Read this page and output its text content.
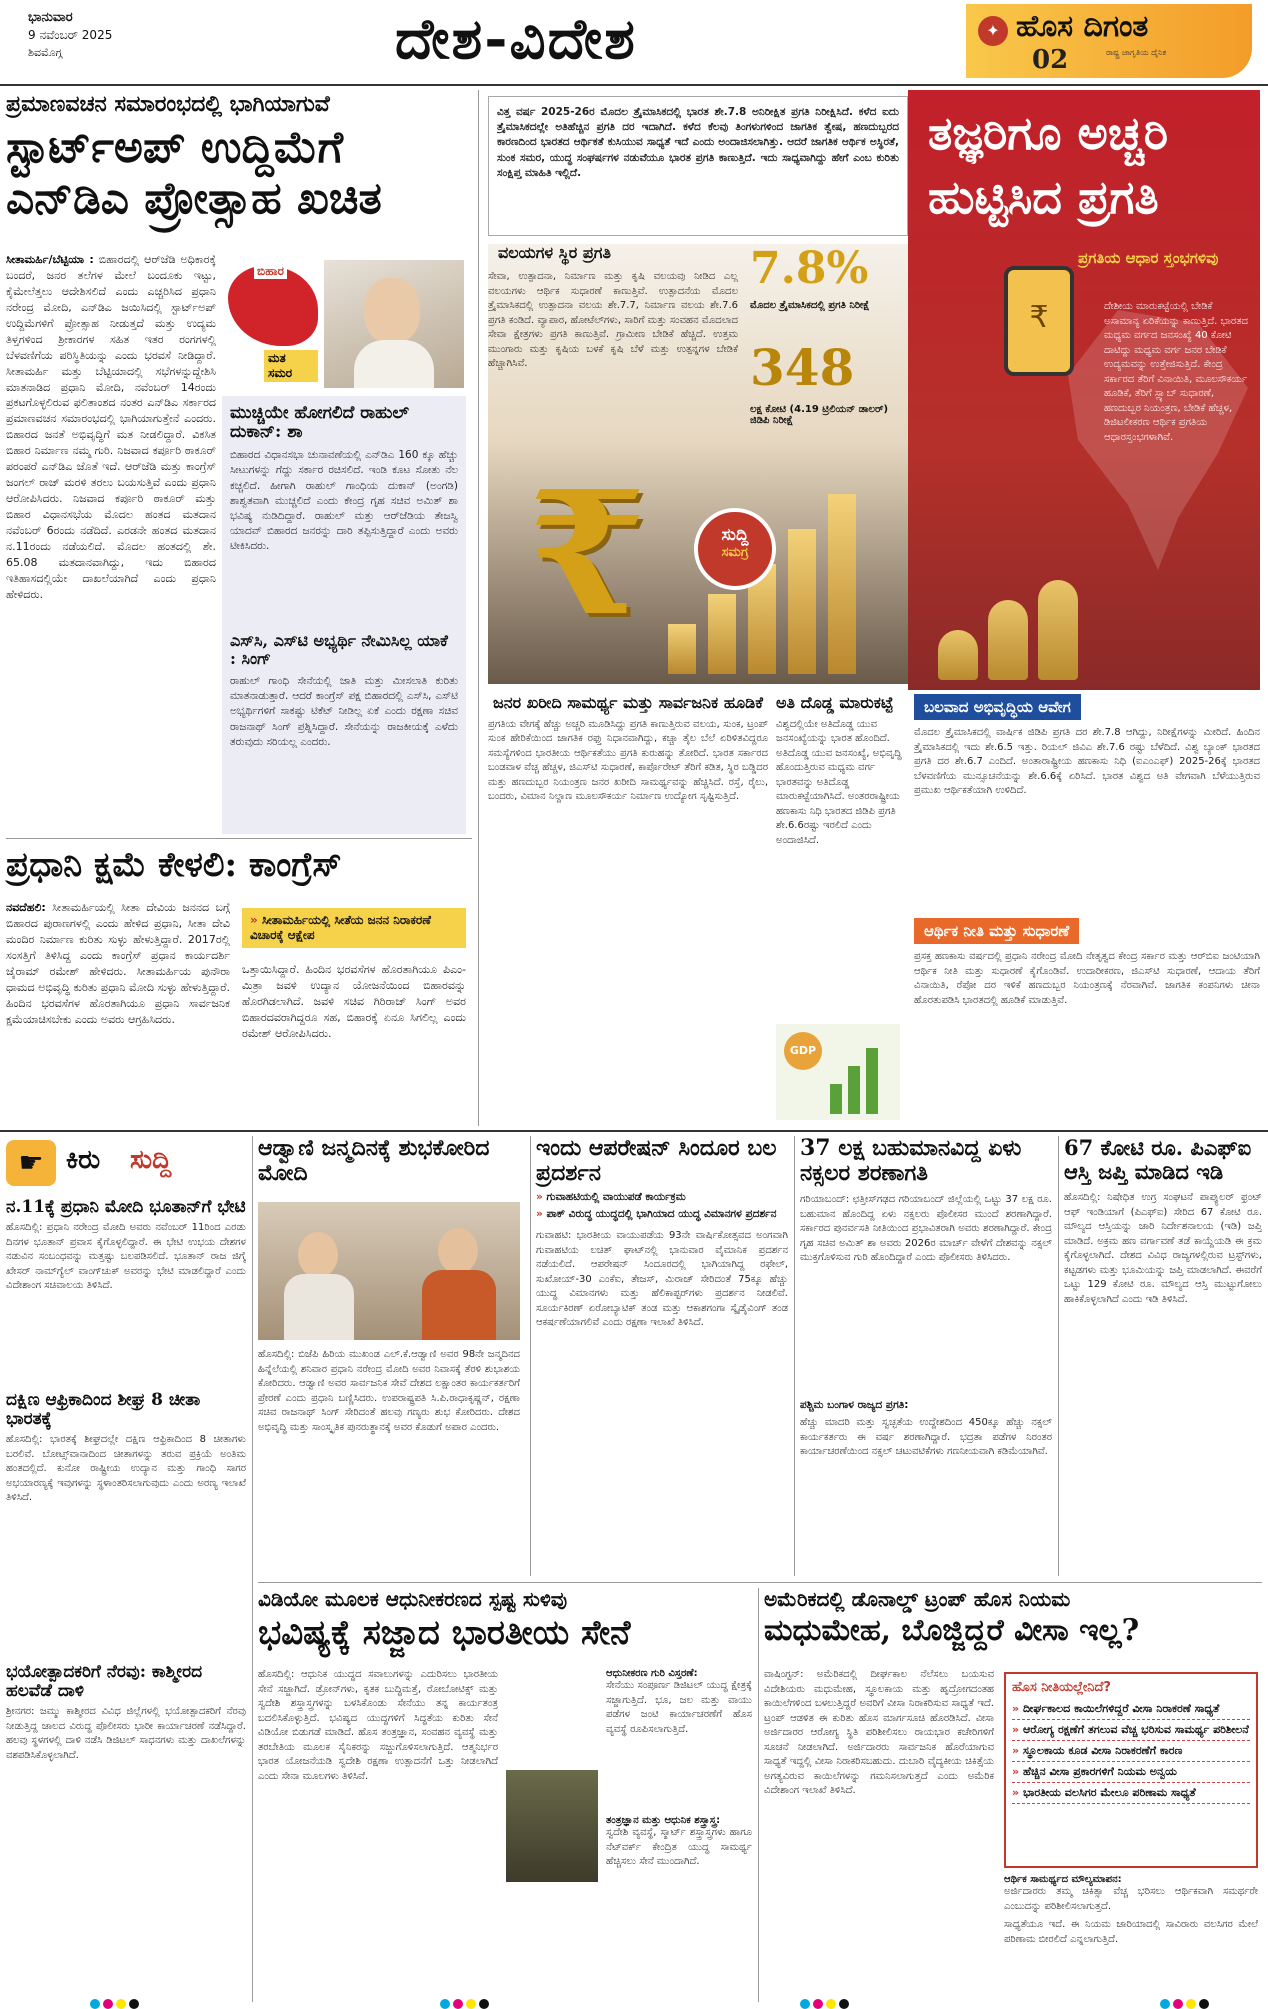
ಭಾನುವಾರ
9 ನವೆಂಬರ್ 2025
ಶಿವಮೊಗ್ಗ	ದೇಶ-ವಿದೇಶ	✦ ಹೊಸ ದಿಗಂತ
ರಾಷ್ಟ್ರ ಜಾಗೃತಿಯ ದೈನಿಕ
02
ಪ್ರಮಾಣವಚನ ಸಮಾರಂಭದಲ್ಲಿ ಭಾಗಿಯಾಗುವೆ
ಸ್ಟಾರ್ಟ್‌ಅಪ್ ಉದ್ದಿಮೆಗೆ
ಎನ್‌ಡಿಎ ಪ್ರೋತ್ಸಾಹ ಖಚಿತ
ಸೀತಾಮರ್ಹಿ/ಬೆಟ್ಟಿಯಾ : ಬಿಹಾರದಲ್ಲಿ ಆರ್‌ಜೆಡಿ ಅಧಿಕಾರಕ್ಕೆ ಬಂದರೆ, ಜನರ ತಲೆಗಳ ಮೇಲೆ ಬಂದೂಕು ಇಟ್ಟು, ಕೈಮೇಲೆತ್ತಲು ಆದೇಶಿಸಲಿದೆ ಎಂದು ಎಚ್ಚರಿಸಿದ ಪ್ರಧಾನಿ ನರೇಂದ್ರ ಮೋದಿ, ಎನ್‌ಡಿಎ ಜಯಿಸಿದಲ್ಲಿ ಸ್ಟಾರ್ಟ್‌ಅಪ್ ಉದ್ದಿಮೆಗಳಿಗೆ ಪ್ರೋತ್ಸಾಹ ನೀಡುತ್ತದೆ ಮತ್ತು ಉದ್ಯಮ ತಿಳ್ತಗಳಿಂದ ಶ್ರೀಕಾರಗಳ ಸಹಿತ ಇತರ ರಂಗಗಳಲ್ಲಿ ಬೆಳವಣಿಗೆಯ ಪರಿಸ್ಥಿತಿಯನ್ನು ಎಂದು ಭರವಸೆ ನೀಡಿದ್ದಾರೆ. ಸೀತಾಮರ್ಹಿ ಮತ್ತು ಬೆಟ್ಟಿಯಾದಲ್ಲಿ ಸಭೆಗಳನ್ನುದ್ದೇಶಿಸಿ ಮಾತನಾಡಿದ ಪ್ರಧಾನಿ ಮೋದಿ, ನವೆಂಬರ್ 14ರಂದು ಪ್ರಕಟಗೊಳ್ಳಲಿರುವ ಫಲಿತಾಂಶದ ನಂತರ ಎನ್‌ಡಿಎ ಸರ್ಕಾರದ ಪ್ರಮಾಣವಚನ ಸಮಾರಂಭದಲ್ಲಿ ಭಾಗಿಯಾಗುತ್ತೇನೆ ಎಂದರು. ಬಿಹಾರದ ಜನತೆ ಅಭಿವೃದ್ಧಿಗೆ ಮತ ನೀಡಲಿದ್ದಾರೆ. ವಿಕಸಿತ ಬಿಹಾರ ನಿರ್ಮಾಣ ನಮ್ಮ ಗುರಿ. ನಿಜವಾದ ಕರ್ಪೂರಿ ಠಾಕೂರ್ ಪರಂಪರೆ ಎನ್‌ಡಿಎ ಜೊತೆ ಇದೆ. ಆರ್‌ಜೆಡಿ ಮತ್ತು ಕಾಂಗ್ರೆಸ್ ಜಂಗಲ್ ರಾಜ್ ಮರಳಿ ತರಲು ಬಯಸುತ್ತಿವೆ ಎಂದು ಪ್ರಧಾನಿ ಆರೋಪಿಸಿದರು. ನಿಜವಾದ ಕರ್ಪೂರಿ ಠಾಕೂರ್ ಮತ್ತು ಬಿಹಾರ ವಿಧಾನಸಭೆಯ ಮೊದಲ ಹಂತದ ಮತದಾನ ನವೆಂಬರ್ 6ರಂದು ನಡೆದಿದೆ. ಎರಡನೇ ಹಂತದ ಮತದಾನ ನ.11ರಂದು ನಡೆಯಲಿದೆ. ಮೊದಲ ಹಂತದಲ್ಲಿ ಶೇ. 65.08 ಮತದಾನವಾಗಿದ್ದು, ಇದು ಬಿಹಾರದ ಇತಿಹಾಸದಲ್ಲಿಯೇ ದಾಖಲೆಯಾಗಿದೆ ಎಂದು ಪ್ರಧಾನಿ ಹೇಳಿದರು.
ಬಿಹಾರ
ಮತ ಸಮರ
ಮುಚ್ಚಿಯೇ ಹೋಗಲಿದೆ ರಾಹುಲ್ ದುಕಾನ್: ಶಾ
ಬಿಹಾರದ ವಿಧಾನಸಭಾ ಚುನಾವಣೆಯಲ್ಲಿ ಎನ್‌ಡಿಎ 160 ಕ್ಕೂ ಹೆಚ್ಚು ಸೀಟುಗಳನ್ನು ಗೆದ್ದು ಸರ್ಕಾರ ರಚಿಸಲಿದೆ. ಇಂಡಿ ಕೂಟ ಸೋತು ನೆಲ ಕಚ್ಚಲಿದೆ. ಹೀಗಾಗಿ ರಾಹುಲ್ ಗಾಂಧಿಯ ದುಕಾನ್ (ಅಂಗಡಿ) ಶಾಶ್ವತವಾಗಿ ಮುಚ್ಚಲಿದೆ ಎಂದು ಕೇಂದ್ರ ಗೃಹ ಸಚಿವ ಅಮಿತ್ ಶಾ ಭವಿಷ್ಯ ನುಡಿದಿದ್ದಾರೆ. ರಾಹುಲ್ ಮತ್ತು ಆರ್‌ಜೆಡಿಯ ತೇಜಸ್ವಿ ಯಾದವ್ ಬಿಹಾರದ ಜನರನ್ನು ದಾರಿ ತಪ್ಪಿಸುತ್ತಿದ್ದಾರೆ ಎಂದು ಅವರು ಟೀಕಿಸಿದರು.
ಎಸ್‌ಸಿ, ಎಸ್‌ಟಿ ಅಭ್ಯರ್ಥಿ ನೇಮಿಸಿಲ್ಲ ಯಾಕೆ : ಸಿಂಗ್
ರಾಹುಲ್ ಗಾಂಧಿ ಸೇನೆಯಲ್ಲಿ ಜಾತಿ ಮತ್ತು ಮೀಸಲಾತಿ ಕುರಿತು ಮಾತನಾಡುತ್ತಾರೆ. ಆದರೆ ಕಾಂಗ್ರೆಸ್ ಪಕ್ಷ ಬಿಹಾರದಲ್ಲಿ ಎಸ್‌ಸಿ, ಎಸ್‌ಟಿ ಅಭ್ಯರ್ಥಿಗಳಿಗೆ ಸಾಕಷ್ಟು ಟಿಕೆಟ್ ನೀಡಿಲ್ಲ ಏಕೆ ಎಂದು ರಕ್ಷಣಾ ಸಚಿವ ರಾಜನಾಥ್ ಸಿಂಗ್ ಪ್ರಶ್ನಿಸಿದ್ದಾರೆ. ಸೇನೆಯನ್ನು ರಾಜಕೀಯಕ್ಕೆ ಎಳೆದು ತರುವುದು ಸರಿಯಲ್ಲ ಎಂದರು.
ಪ್ರಧಾನಿ ಕ್ಷಮೆ ಕೇಳಲಿ: ಕಾಂಗ್ರೆಸ್
ನವದೆಹಲಿ: ಸೀತಾಮರ್ಹಿಯಲ್ಲಿ ಸೀತಾ ದೇವಿಯ ಜನನದ ಬಗ್ಗೆ ಬಿಹಾರದ ಪುರಾಣಗಳಲ್ಲಿ ಎಂದು ಹೇಳಿದ ಪ್ರಧಾನಿ, ಸೀತಾ ದೇವಿ ಮಂದಿರ ನಿರ್ಮಾಣ ಕುರಿತು ಸುಳ್ಳು ಹೇಳುತ್ತಿದ್ದಾರೆ. 2017ರಲ್ಲಿ ಸಂಸತ್ತಿಗೆ ತಿಳಿಸಿದ್ದ ಎಂದು ಕಾಂಗ್ರೆಸ್ ಪ್ರಧಾನ ಕಾರ್ಯದರ್ಶಿ ಜೈರಾಮ್ ರಮೇಶ್ ಹೇಳಿದರು. ಸೀತಾಮರ್ಹಿಯ ಪುನೌರಾ ಧಾಮದ ಅಭಿವೃದ್ಧಿ ಕುರಿತು ಪ್ರಧಾನಿ ಮೋದಿ ಸುಳ್ಳು ಹೇಳುತ್ತಿದ್ದಾರೆ. ಹಿಂದಿನ ಭರವಸೆಗಳ ಹೊರತಾಗಿಯೂ ಪ್ರಧಾನಿ ಸಾರ್ವಜನಿಕ ಕ್ಷಮೆಯಾಚಿಸಬೇಕು ಎಂದು ಅವರು ಆಗ್ರಹಿಸಿದರು.
» ಸೀತಾಮರ್ಹಿಯಲ್ಲಿ ಸೀತೆಯ ಜನನ ನಿರಾಕರಣೆ ವಿಚಾರಕ್ಕೆ ಆಕ್ಷೇಪ
ಒತ್ತಾಯಿಸಿದ್ದಾರೆ. ಹಿಂದಿನ ಭರವಸೆಗಳ ಹೊರತಾಗಿಯೂ ಪಿಎಂ-ಮಿತ್ರಾ ಜವಳಿ ಉದ್ಯಾನ ಯೋಜನೆಯಿಂದ ಬಿಹಾರವನ್ನು ಹೊರಗಿಡಲಾಗಿದೆ. ಜವಳಿ ಸಚಿವ ಗಿರಿರಾಜ್ ಸಿಂಗ್ ಅವರ ಬಿಹಾರದವರಾಗಿದ್ದರೂ ಸಹ, ಬಿಹಾರಕ್ಕೆ ಏನೂ ಸಿಗಲಿಲ್ಲ ಎಂದು ರಮೇಶ್ ಆರೋಪಿಸಿದರು.
ವಿತ್ತ ವರ್ಷ 2025-26ರ ಮೊದಲ ತ್ರೈಮಾಸಿಕದಲ್ಲಿ ಭಾರತ ಶೇ.7.8 ಅನಿರೀಕ್ಷಿತ ಪ್ರಗತಿ ನಿರೀಕ್ಷಿಸಿದೆ. ಕಳೆದ ಐದು ತ್ರೈಮಾಸಿಕದಲ್ಲೇ ಅತಿಹೆಚ್ಚಿನ ಪ್ರಗತಿ ದರ ಇದಾಗಿದೆ. ಕಳೆದ ಕೆಲವು ತಿಂಗಳುಗಳಿಂದ ಜಾಗತಿಕ ತ್ವೇಷ, ಹಣದುಬ್ಬರದ ಕಾರಣದಿಂದ ಭಾರತದ ಆರ್ಥಿಕತೆ ಕುಸಿಯುವ ಸಾಧ್ಯತೆ ಇದೆ ಎಂದು ಅಂದಾಜಿಸಲಾಗಿತ್ತು. ಆದರೆ ಜಾಗತಿಕ ಆರ್ಥಿಕ ಅಸ್ಥಿರತೆ, ಸುಂಕ ಸಮರ, ಯುದ್ಧ ಸಂಘರ್ಷಗಳ ನಡುವೆಯೂ ಭಾರತ ಪ್ರಗತಿ ಕಾಣುತ್ತಿದೆ. ಇದು ಸಾಧ್ಯವಾಗಿದ್ದು ಹೇಗೆ ಎಂಬ ಕುರಿತು ಸಂಕ್ಷಿಪ್ತ ಮಾಹಿತಿ ಇಲ್ಲಿದೆ.
ತಜ್ಞರಿಗೂ ಅಚ್ಚರಿ
ಹುಟ್ಟಿಸಿದ ಪ್ರಗತಿ
₹
ಪ್ರಗತಿಯ ಆಧಾರ ಸ್ತಂಭಗಳಿವು
ದೇಶೀಯ ಮಾರುಕಟ್ಟೆಯಲ್ಲಿ ಬೇಡಿಕೆ ಅಸಾಮಾನ್ಯ ಏರಿಕೆಯನ್ನು ಕಾಣುತ್ತಿದೆ. ಭಾರತದ ಮಧ್ಯಮ ವರ್ಗದ ಜನಸಂಖ್ಯೆ 40 ಕೋಟಿ ದಾಟಿದ್ದು ಮಧ್ಯಮ ವರ್ಗ ಜನರ ಬೇಡಿಕೆ ಉದ್ಯಮವನ್ನು ಉತ್ತೇಜಿಸುತ್ತಿದೆ. ಕೇಂದ್ರ ಸರ್ಕಾರದ ತೆರಿಗೆ ವಿನಾಯಿತಿ, ಮೂಲಸೌಕರ್ಯ ಹೂಡಿಕೆ, ತೆರಿಗೆ ಸ್ಲ್ಯಾಬ್ ಸುಧಾರಣೆ, ಹಣದುಬ್ಬರ ನಿಯಂತ್ರಣ, ಬೇಡಿಕೆ ಹೆಚ್ಚಳ, ಡಿಜಿಟಲೀಕರಣ ಆರ್ಥಿಕ ಪ್ರಗತಿಯ ಆಧಾರಸ್ತಂಭಗಳಾಗಿವೆ.
ವಲಯಗಳ ಸ್ಥಿರ ಪ್ರಗತಿ
ಸೇವಾ, ಉತ್ಪಾದನಾ, ನಿರ್ಮಾಣ ಮತ್ತು ಕೃಷಿ ವಲಯವು ನೀಡಿದ ಎಲ್ಲ ವಲಯಗಳು ಆರ್ಥಿಕ ಸುಧಾರಣೆ ಕಾಣುತ್ತಿವೆ. ಉತ್ಪಾದನೆಯ ಮೊದಲ ತ್ರೈಮಾಸಿಕದಲ್ಲಿ ಉತ್ಪಾದನಾ ವಲಯ ಶೇ.7.7, ನಿರ್ಮಾಣ ವಲಯ ಶೇ.7.6 ಪ್ರಗತಿ ಕಂಡಿದೆ. ವ್ಯಾಪಾರ, ಹೋಟೆಲ್‌ಗಳು, ಸಾರಿಗೆ ಮತ್ತು ಸಂವಹನ ಮೊದಲಾದ ಸೇವಾ ಕ್ಷೇತ್ರಗಳು ಪ್ರಗತಿ ಕಾಣುತ್ತಿವೆ. ಗ್ರಾಮೀಣ ಬೇಡಿಕೆ ಹೆಚ್ಚಿದೆ. ಉತ್ತಮ ಮುಂಗಾರು ಮತ್ತು ಕೃಷಿಯ ಬಳಕೆ ಕೃಷಿ ಬೆಳೆ ಮತ್ತು ಉತ್ಪನ್ನಗಳ ಬೇಡಿಕೆ ಹೆಚ್ಚಾಗಿಸಿವೆ.
7.8%
ಮೊದಲ ತ್ರೈಮಾಸಿಕದಲ್ಲಿ ಪ್ರಗತಿ ನಿರೀಕ್ಷೆ
348
ಲಕ್ಷ ಕೋಟಿ (4.19 ಟ್ರಿಲಿಯನ್ ಡಾಲರ್) ಜಿಡಿಪಿ ನಿರೀಕ್ಷೆ
₹	ಸುದ್ದಿ
ಸಮಗ್ರ
ಜನರ ಖರೀದಿ ಸಾಮರ್ಥ್ಯ ಮತ್ತು ಸಾರ್ವಜನಿಕ ಹೂಡಿಕೆ
ಪ್ರಗತಿಯ ವೇಗಕ್ಕೆ ಹೆಚ್ಚು ಅಚ್ಚರಿ ಮೂಡಿಸಿದ್ದು ಪ್ರಗತಿ ಕಾಣುತ್ತಿರುವ ವಲಯ, ಸುಂಕ, ಟ್ರಂಪ್ ಸುಂಕ ಹೇರಿಕೆಯಿಂದ ಜಾಗತಿಕ ರಫ್ತು ನಿಧಾನವಾಗಿದ್ದು, ಕಚ್ಚಾ ತೈಲ ಬೆಲೆ ಏರಿಳಿತವಿದ್ದರೂ ಸಮಸ್ಯೆಗಳಿಂದ ಭಾರತೀಯ ಆರ್ಥಿಕತೆಯು ಪ್ರಗತಿ ಕುರುಹನ್ನು ತೋರಿದೆ. ಭಾರತ ಸರ್ಕಾರದ ಬಂಡವಾಳ ವೆಚ್ಚ ಹೆಚ್ಚಳ, ಜಿಎಸ್‌ಟಿ ಸುಧಾರಣೆ, ಕಾರ್ಪೊರೇಟ್ ತೆರಿಗೆ ಕಡಿತ, ಸ್ಥಿರ ಬಡ್ಡಿದರ ಮತ್ತು ಹಣದುಬ್ಬರ ನಿಯಂತ್ರಣ ಜನರ ಖರೀದಿ ಸಾಮರ್ಥ್ಯವನ್ನು ಹೆಚ್ಚಿಸಿದೆ. ರಸ್ತೆ, ರೈಲು, ಬಂದರು, ವಿಮಾನ ನಿಲ್ದಾಣ ಮೂಲಸೌಕರ್ಯ ನಿರ್ಮಾಣ ಉದ್ಯೋಗ ಸೃಷ್ಟಿಸುತ್ತಿದೆ.
ಅತಿ ದೊಡ್ಡ ಮಾರುಕಟ್ಟೆ
ವಿಶ್ವದಲ್ಲಿಯೇ ಅತಿದೊಡ್ಡ ಯುವ ಜನಸಂಖ್ಯೆಯನ್ನು ಭಾರತ ಹೊಂದಿದೆ. ಅತಿದೊಡ್ಡ ಯುವ ಜನಸಂಖ್ಯೆ, ಅಭಿವೃದ್ಧಿ ಹೊಂದುತ್ತಿರುವ ಮಧ್ಯಮ ವರ್ಗ ಭಾರತವನ್ನು ಅತಿದೊಡ್ಡ ಮಾರುಕಟ್ಟೆಯಾಗಿಸಿದೆ. ಅಂತರರಾಷ್ಟ್ರೀಯ ಹಣಕಾಸು ನಿಧಿ ಭಾರತದ ಜಿಡಿಪಿ ಪ್ರಗತಿ ಶೇ.6.6ರಷ್ಟು ಇರಲಿದೆ ಎಂದು ಅಂದಾಜಿಸಿದೆ.
GDP
ಬಲವಾದ ಅಭಿವೃದ್ಧಿಯ ಆವೇಗ
ಮೊದಲ ತ್ರೈಮಾಸಿಕದಲ್ಲಿ ವಾರ್ಷಿಕ ಜಿಡಿಪಿ ಪ್ರಗತಿ ದರ ಶೇ.7.8 ಆಗಿದ್ದು, ನಿರೀಕ್ಷೆಗಳನ್ನು ಮೀರಿದೆ. ಹಿಂದಿನ ತ್ರೈಮಾಸಿಕದಲ್ಲಿ ಇದು ಶೇ.6.5 ಇತ್ತು. ರಿಯಲ್ ಜಿವಿಎ ಶೇ.7.6 ರಷ್ಟು ಬೆಳೆದಿದೆ. ವಿಶ್ವ ಬ್ಯಾಂಕ್ ಭಾರತದ ಪ್ರಗತಿ ದರ ಶೇ.6.7 ಎಂದಿದೆ. ಅಂತಾರಾಷ್ಟ್ರೀಯ ಹಣಕಾಸು ನಿಧಿ (ಐಎಂಎಫ್) 2025-26ಕ್ಕೆ ಭಾರತದ ಬೆಳವಣಿಗೆಯ ಮುನ್ಸೂಚನೆಯನ್ನು ಶೇ.6.6ಕ್ಕೆ ಏರಿಸಿದೆ. ಭಾರತ ವಿಶ್ವದ ಅತಿ ವೇಗವಾಗಿ ಬೆಳೆಯುತ್ತಿರುವ ಪ್ರಮುಖ ಆರ್ಥಿಕತೆಯಾಗಿ ಉಳಿದಿದೆ.
ಆರ್ಥಿಕ ನೀತಿ ಮತ್ತು ಸುಧಾರಣೆ
ಪ್ರಸಕ್ತ ಹಣಕಾಸು ವರ್ಷದಲ್ಲಿ ಪ್ರಧಾನಿ ನರೇಂದ್ರ ಮೋದಿ ನೇತೃತ್ವದ ಕೇಂದ್ರ ಸರ್ಕಾರ ಮತ್ತು ಆರ್‌ಬಿಐ ಜಂಟಿಯಾಗಿ ಆರ್ಥಿಕ ನೀತಿ ಮತ್ತು ಸುಧಾರಣೆ ಕೈಗೊಂಡಿವೆ. ಉದಾರೀಕರಣ, ಜಿಎಸ್‌ಟಿ ಸುಧಾರಣೆ, ಆದಾಯ ತೆರಿಗೆ ವಿನಾಯಿತಿ, ರೆಪೋ ದರ ಇಳಿಕೆ ಹಣದುಬ್ಬರ ನಿಯಂತ್ರಣಕ್ಕೆ ನೆರವಾಗಿವೆ. ಜಾಗತಿಕ ಕಂಪನಿಗಳು ಚೀನಾ ಹೊರತುಪಡಿಸಿ ಭಾರತದಲ್ಲಿ ಹೂಡಿಕೆ ಮಾಡುತ್ತಿವೆ.
☛ ಕಿರು ಸುದ್ದಿ
ನ.11ಕ್ಕೆ ಪ್ರಧಾನಿ ಮೋದಿ ಭೂತಾನ್‌ಗೆ ಭೇಟಿ
ಹೊಸದಿಲ್ಲಿ: ಪ್ರಧಾನಿ ನರೇಂದ್ರ ಮೋದಿ ಅವರು ನವೆಂಬರ್ 11ರಿಂದ ಎರಡು ದಿನಗಳ ಭೂತಾನ್ ಪ್ರವಾಸ ಕೈಗೊಳ್ಳಲಿದ್ದಾರೆ. ಈ ಭೇಟಿ ಉಭಯ ದೇಶಗಳ ನಡುವಿನ ಸಂಬಂಧವನ್ನು ಮತ್ತಷ್ಟು ಬಲಪಡಿಸಲಿದೆ. ಭೂತಾನ್ ರಾಜ ಜಿಗ್ಮೆ ಖೇಸರ್ ನಾಮ್‌ಗ್ಯೆಲ್ ವಾಂಗ್‌ಚುಕ್ ಅವರನ್ನು ಭೇಟಿ ಮಾಡಲಿದ್ದಾರೆ ಎಂದು ವಿದೇಶಾಂಗ ಸಚಿವಾಲಯ ತಿಳಿಸಿದೆ.
ದಕ್ಷಿಣ ಆಫ್ರಿಕಾದಿಂದ ಶೀಘ್ರ 8 ಚೀತಾ ಭಾರತಕ್ಕೆ
ಹೊಸದಿಲ್ಲಿ: ಭಾರತಕ್ಕೆ ಶೀಘ್ರದಲ್ಲೇ ದಕ್ಷಿಣ ಆಫ್ರಿಕಾದಿಂದ 8 ಚೀತಾಗಳು ಬರಲಿವೆ. ಬೋಟ್ಸ್‌ವಾನಾದಿಂದ ಚೀತಾಗಳನ್ನು ತರುವ ಪ್ರಕ್ರಿಯೆ ಅಂತಿಮ ಹಂತದಲ್ಲಿದೆ. ಕುನೋ ರಾಷ್ಟ್ರೀಯ ಉದ್ಯಾನ ಮತ್ತು ಗಾಂಧಿ ಸಾಗರ ಅಭಯಾರಣ್ಯಕ್ಕೆ ಇವುಗಳನ್ನು ಸ್ಥಳಾಂತರಿಸಲಾಗುವುದು ಎಂದು ಅರಣ್ಯ ಇಲಾಖೆ ತಿಳಿಸಿದೆ.
ಭಯೋತ್ಪಾದಕರಿಗೆ ನೆರವು: ಕಾಶ್ಮೀರದ ಹಲವೆಡೆ ದಾಳಿ
ಶ್ರೀನಗರ: ಜಮ್ಮು ಕಾಶ್ಮೀರದ ವಿವಿಧ ಜಿಲ್ಲೆಗಳಲ್ಲಿ ಭಯೋತ್ಪಾದಕರಿಗೆ ನೆರವು ನೀಡುತ್ತಿದ್ದ ಜಾಲದ ವಿರುದ್ಧ ಪೊಲೀಸರು ಭಾರೀ ಕಾರ್ಯಾಚರಣೆ ನಡೆಸಿದ್ದಾರೆ. ಹಲವು ಸ್ಥಳಗಳಲ್ಲಿ ದಾಳಿ ನಡೆಸಿ ಡಿಜಿಟಲ್ ಸಾಧನಗಳು ಮತ್ತು ದಾಖಲೆಗಳನ್ನು ವಶಪಡಿಸಿಕೊಳ್ಳಲಾಗಿದೆ.
ಆಡ್ವಾಣಿ ಜನ್ಮದಿನಕ್ಕೆ ಶುಭಕೋರಿದ ಮೋದಿ
ಹೊಸದಿಲ್ಲಿ: ಬಿಜೆಪಿ ಹಿರಿಯ ಮುಖಂಡ ಎಲ್.ಕೆ.ಆಡ್ವಾಣಿ ಅವರ 98ನೇ ಜನ್ಮದಿನದ ಹಿನ್ನೆಲೆಯಲ್ಲಿ ಶನಿವಾರ ಪ್ರಧಾನಿ ನರೇಂದ್ರ ಮೋದಿ ಅವರ ನಿವಾಸಕ್ಕೆ ತೆರಳಿ ಶುಭಾಶಯ ಕೋರಿದರು. ಆಡ್ವಾಣಿ ಅವರ ಸಾರ್ವಜನಿಕ ಸೇವೆ ದೇಶದ ಲಕ್ಷಾಂತರ ಕಾರ್ಯಕರ್ತರಿಗೆ ಪ್ರೇರಣೆ ಎಂದು ಪ್ರಧಾನಿ ಬಣ್ಣಿಸಿದರು. ಉಪರಾಷ್ಟ್ರಪತಿ ಸಿ.ಪಿ.ರಾಧಾಕೃಷ್ಣನ್, ರಕ್ಷಣಾ ಸಚಿವ ರಾಜನಾಥ್ ಸಿಂಗ್ ಸೇರಿದಂತೆ ಹಲವು ಗಣ್ಯರು ಶುಭ ಕೋರಿದರು. ದೇಶದ ಅಭಿವೃದ್ಧಿ ಮತ್ತು ಸಾಂಸ್ಕೃತಿಕ ಪುನರುತ್ಥಾನಕ್ಕೆ ಅವರ ಕೊಡುಗೆ ಅಪಾರ ಎಂದರು.
ಇಂದು ಆಪರೇಷನ್ ಸಿಂದೂರ ಬಲ ಪ್ರದರ್ಶನ
» ಗುವಾಹಟಿಯಲ್ಲಿ ವಾಯುಪಡೆ ಕಾರ್ಯಕ್ರಮ
» ಪಾಕ್ ವಿರುದ್ಧ ಯುದ್ಧದಲ್ಲಿ ಭಾಗಿಯಾದ ಯುದ್ಧ ವಿಮಾನಗಳ ಪ್ರದರ್ಶನ
ಗುವಾಹಟಿ: ಭಾರತೀಯ ವಾಯುಪಡೆಯ 93ನೇ ವಾರ್ಷಿಕೋತ್ಸವದ ಅಂಗವಾಗಿ ಗುವಾಹಟಿಯ ಲಚಿತ್ ಘಾಟ್‌ನಲ್ಲಿ ಭಾನುವಾರ ವೈಮಾನಿಕ ಪ್ರದರ್ಶನ ನಡೆಯಲಿದೆ. ಆಪರೇಷನ್ ಸಿಂದೂರದಲ್ಲಿ ಭಾಗಿಯಾಗಿದ್ದ ರಫೇಲ್, ಸುಖೋಯ್-30 ಎಂಕೆಐ, ತೇಜಸ್, ಮಿರಾಜ್ ಸೇರಿದಂತೆ 75ಕ್ಕೂ ಹೆಚ್ಚು ಯುದ್ಧ ವಿಮಾನಗಳು ಮತ್ತು ಹೆಲಿಕಾಪ್ಟರ್‌ಗಳು ಪ್ರದರ್ಶನ ನೀಡಲಿವೆ. ಸೂರ್ಯಕಿರಣ್ ಏರೋಬ್ಯಾಟಿಕ್ ತಂಡ ಮತ್ತು ಆಕಾಶಗಂಗಾ ಸ್ಕೈಡೈವಿಂಗ್ ತಂಡ ಆಕರ್ಷಣೆಯಾಗಲಿವೆ ಎಂದು ರಕ್ಷಣಾ ಇಲಾಖೆ ತಿಳಿಸಿದೆ.
37 ಲಕ್ಷ ಬಹುಮಾನವಿದ್ದ ಏಳು ನಕ್ಸಲರ ಶರಣಾಗತಿ
ಗರಿಯಾಬಂದ್: ಛತ್ತೀಸ್‌ಗಢದ ಗರಿಯಾಬಂದ್ ಜಿಲ್ಲೆಯಲ್ಲಿ ಒಟ್ಟು 37 ಲಕ್ಷ ರೂ. ಬಹುಮಾನ ಹೊಂದಿದ್ದ ಏಳು ನಕ್ಸಲರು ಪೊಲೀಸರ ಮುಂದೆ ಶರಣಾಗಿದ್ದಾರೆ. ಸರ್ಕಾರದ ಪುನರ್ವಸತಿ ನೀತಿಯಿಂದ ಪ್ರಭಾವಿತರಾಗಿ ಅವರು ಶರಣಾಗಿದ್ದಾರೆ. ಕೇಂದ್ರ ಗೃಹ ಸಚಿವ ಅಮಿತ್ ಶಾ ಅವರು 2026ರ ಮಾರ್ಚ್ ವೇಳೆಗೆ ದೇಶವನ್ನು ನಕ್ಸಲ್ ಮುಕ್ತಗೊಳಿಸುವ ಗುರಿ ಹೊಂದಿದ್ದಾರೆ ಎಂದು ಪೊಲೀಸರು ತಿಳಿಸಿದರು.
ಪಶ್ಚಿಮ ಬಂಗಾಳ ರಾಜ್ಯದ ಪ್ರಗತಿ:
ಹೆಚ್ಚು ಮಾದರಿ ಮತ್ತು ಸ್ವಚ್ಛತೆಯ ಉದ್ದೇಶದಿಂದ 450ಕ್ಕೂ ಹೆಚ್ಚು ನಕ್ಸಲ್ ಕಾರ್ಯಕರ್ತರು ಈ ವರ್ಷ ಶರಣಾಗಿದ್ದಾರೆ. ಭದ್ರತಾ ಪಡೆಗಳ ನಿರಂತರ ಕಾರ್ಯಾಚರಣೆಯಿಂದ ನಕ್ಸಲ್ ಚಟುವಟಿಕೆಗಳು ಗಣನೀಯವಾಗಿ ಕಡಿಮೆಯಾಗಿವೆ.
67 ಕೋಟಿ ರೂ. ಪಿಎಫ್‌ಐ ಆಸ್ತಿ ಜಪ್ತಿ ಮಾಡಿದ ಇಡಿ
ಹೊಸದಿಲ್ಲಿ: ನಿಷೇಧಿತ ಉಗ್ರ ಸಂಘಟನೆ ಪಾಪ್ಯುಲರ್ ಫ್ರಂಟ್ ಆಫ್ ಇಂಡಿಯಾಗೆ (ಪಿಎಫ್‌ಐ) ಸೇರಿದ 67 ಕೋಟಿ ರೂ. ಮೌಲ್ಯದ ಆಸ್ತಿಯನ್ನು ಜಾರಿ ನಿರ್ದೇಶನಾಲಯ (ಇಡಿ) ಜಪ್ತಿ ಮಾಡಿದೆ. ಅಕ್ರಮ ಹಣ ವರ್ಗಾವಣೆ ತಡೆ ಕಾಯ್ದೆಯಡಿ ಈ ಕ್ರಮ ಕೈಗೊಳ್ಳಲಾಗಿದೆ. ದೇಶದ ವಿವಿಧ ರಾಜ್ಯಗಳಲ್ಲಿರುವ ಟ್ರಸ್ಟ್‌ಗಳು, ಕಟ್ಟಡಗಳು ಮತ್ತು ಭೂಮಿಯನ್ನು ಜಪ್ತಿ ಮಾಡಲಾಗಿದೆ. ಈವರೆಗೆ ಒಟ್ಟು 129 ಕೋಟಿ ರೂ. ಮೌಲ್ಯದ ಆಸ್ತಿ ಮುಟ್ಟುಗೋಲು ಹಾಕಿಕೊಳ್ಳಲಾಗಿದೆ ಎಂದು ಇಡಿ ತಿಳಿಸಿದೆ.
ವಿಡಿಯೋ ಮೂಲಕ ಆಧುನೀಕರಣದ ಸ್ಪಷ್ಟ ಸುಳಿವು
ಭವಿಷ್ಯಕ್ಕೆ ಸಜ್ಜಾದ ಭಾರತೀಯ ಸೇನೆ
ಹೊಸದಿಲ್ಲಿ: ಆಧುನಿಕ ಯುದ್ಧದ ಸವಾಲುಗಳನ್ನು ಎದುರಿಸಲು ಭಾರತೀಯ ಸೇನೆ ಸಜ್ಜಾಗಿದೆ. ಡ್ರೋನ್‌ಗಳು, ಕೃತಕ ಬುದ್ಧಿಮತ್ತೆ, ರೋಬೋಟಿಕ್ಸ್ ಮತ್ತು ಸ್ವದೇಶಿ ಶಸ್ತ್ರಾಸ್ತ್ರಗಳನ್ನು ಬಳಸಿಕೊಂಡು ಸೇನೆಯು ತನ್ನ ಕಾರ್ಯತಂತ್ರ ಬದಲಿಸಿಕೊಳ್ಳುತ್ತಿದೆ. ಭವಿಷ್ಯದ ಯುದ್ಧಗಳಿಗೆ ಸಿದ್ಧತೆಯ ಕುರಿತು ಸೇನೆ ವಿಡಿಯೋ ಬಿಡುಗಡೆ ಮಾಡಿದೆ. ಹೊಸ ತಂತ್ರಜ್ಞಾನ, ಸಂವಹನ ವ್ಯವಸ್ಥೆ ಮತ್ತು ತರಬೇತಿಯ ಮೂಲಕ ಸೈನಿಕರನ್ನು ಸಜ್ಜುಗೊಳಿಸಲಾಗುತ್ತಿದೆ. ಆತ್ಮನಿರ್ಭರ ಭಾರತ ಯೋಜನೆಯಡಿ ಸ್ವದೇಶಿ ರಕ್ಷಣಾ ಉತ್ಪಾದನೆಗೆ ಒತ್ತು ನೀಡಲಾಗಿದೆ ಎಂದು ಸೇನಾ ಮೂಲಗಳು ತಿಳಿಸಿವೆ.
ಆಧುನೀಕರಣ ಗುರಿ ವಿಸ್ತರಣೆ:
ಸೇನೆಯು ಸಂಪೂರ್ಣ ಡಿಜಿಟಲ್ ಯುದ್ಧ ಕ್ಷೇತ್ರಕ್ಕೆ ಸಜ್ಜಾಗುತ್ತಿದೆ. ಭೂ, ಜಲ ಮತ್ತು ವಾಯು ಪಡೆಗಳ ಜಂಟಿ ಕಾರ್ಯಾಚರಣೆಗೆ ಹೊಸ ವ್ಯವಸ್ಥೆ ರೂಪಿಸಲಾಗುತ್ತಿದೆ.
ತಂತ್ರಜ್ಞಾನ ಮತ್ತು ಆಧುನಿಕ ಶಸ್ತ್ರಾಸ್ತ್ರ:
ಸ್ವದೇಶಿ ವ್ಯವಸ್ಥೆ, ಸ್ಮಾರ್ಟ್ ಶಸ್ತ್ರಾಸ್ತ್ರಗಳು ಹಾಗೂ ನೆಟ್‌ವರ್ಕ್ ಕೇಂದ್ರಿತ ಯುದ್ಧ ಸಾಮರ್ಥ್ಯ ಹೆಚ್ಚಿಸಲು ಸೇನೆ ಮುಂದಾಗಿದೆ.
ಅಮೆರಿಕದಲ್ಲಿ ಡೊನಾಲ್ಡ್ ಟ್ರಂಪ್ ಹೊಸ ನಿಯಮ
ಮಧುಮೇಹ, ಬೊಜ್ಜಿದ್ದರೆ ವೀಸಾ ಇಲ್ಲ?
ವಾಷಿಂಗ್ಟನ್: ಅಮೆರಿಕದಲ್ಲಿ ದೀರ್ಘಕಾಲ ನೆಲೆಸಲು ಬಯಸುವ ವಿದೇಶಿಯರು ಮಧುಮೇಹ, ಸ್ಥೂಲಕಾಯ ಮತ್ತು ಹೃದ್ರೋಗದಂತಹ ಕಾಯಿಲೆಗಳಿಂದ ಬಳಲುತ್ತಿದ್ದರೆ ಅವರಿಗೆ ವೀಸಾ ನಿರಾಕರಿಸುವ ಸಾಧ್ಯತೆ ಇದೆ. ಟ್ರಂಪ್ ಆಡಳಿತ ಈ ಕುರಿತು ಹೊಸ ಮಾರ್ಗಸೂಚಿ ಹೊರಡಿಸಿದೆ. ವೀಸಾ ಅರ್ಜಿದಾರರ ಆರೋಗ್ಯ ಸ್ಥಿತಿ ಪರಿಶೀಲಿಸಲು ರಾಯಭಾರ ಕಚೇರಿಗಳಿಗೆ ಸೂಚನೆ ನೀಡಲಾಗಿದೆ. ಅರ್ಜಿದಾರರು ಸಾರ್ವಜನಿಕ ಹೊರೆಯಾಗುವ ಸಾಧ್ಯತೆ ಇದ್ದಲ್ಲಿ ವೀಸಾ ನಿರಾಕರಿಸಬಹುದು. ದುಬಾರಿ ವೈದ್ಯಕೀಯ ಚಿಕಿತ್ಸೆಯ ಅಗತ್ಯವಿರುವ ಕಾಯಿಲೆಗಳನ್ನು ಗಮನಿಸಲಾಗುತ್ತದೆ ಎಂದು ಅಮೆರಿಕ ವಿದೇಶಾಂಗ ಇಲಾಖೆ ತಿಳಿಸಿದೆ.
ಹೊಸ ನೀತಿಯಲ್ಲೇನಿದೆ?
» ದೀರ್ಘಕಾಲದ ಕಾಯಿಲೆಗಳಿದ್ದರೆ ವೀಸಾ ನಿರಾಕರಣೆ ಸಾಧ್ಯತೆ
» ಆರೋಗ್ಯ ರಕ್ಷಣೆಗೆ ತಗಲುವ ವೆಚ್ಚ ಭರಿಸುವ ಸಾಮರ್ಥ್ಯ ಪರಿಶೀಲನೆ
» ಸ್ಥೂಲಕಾಯ ಕೂಡ ವೀಸಾ ನಿರಾಕರಣೆಗೆ ಕಾರಣ
» ಹೆಚ್ಚಿನ ವೀಸಾ ಪ್ರಕಾರಗಳಿಗೆ ನಿಯಮ ಅನ್ವಯ
» ಭಾರತೀಯ ವಲಸಿಗರ ಮೇಲೂ ಪರಿಣಾಮ ಸಾಧ್ಯತೆ
ಆರ್ಥಿಕ ಸಾಮರ್ಥ್ಯದ ಮೌಲ್ಯಮಾಪನ:
ಅರ್ಜಿದಾರರು ತಮ್ಮ ಚಿಕಿತ್ಸಾ ವೆಚ್ಚ ಭರಿಸಲು ಆರ್ಥಿಕವಾಗಿ ಸಮರ್ಥರೇ ಎಂಬುದನ್ನು ಪರಿಶೀಲಿಸಲಾಗುತ್ತದೆ.
ಸಾಧ್ಯತೆಯೂ ಇದೆ. ಈ ನಿಯಮ ಜಾರಿಯಾದಲ್ಲಿ ಸಾವಿರಾರು ವಲಸಿಗರ ಮೇಲೆ ಪರಿಣಾಮ ಬೀರಲಿದೆ ಎನ್ನಲಾಗುತ್ತಿದೆ.
